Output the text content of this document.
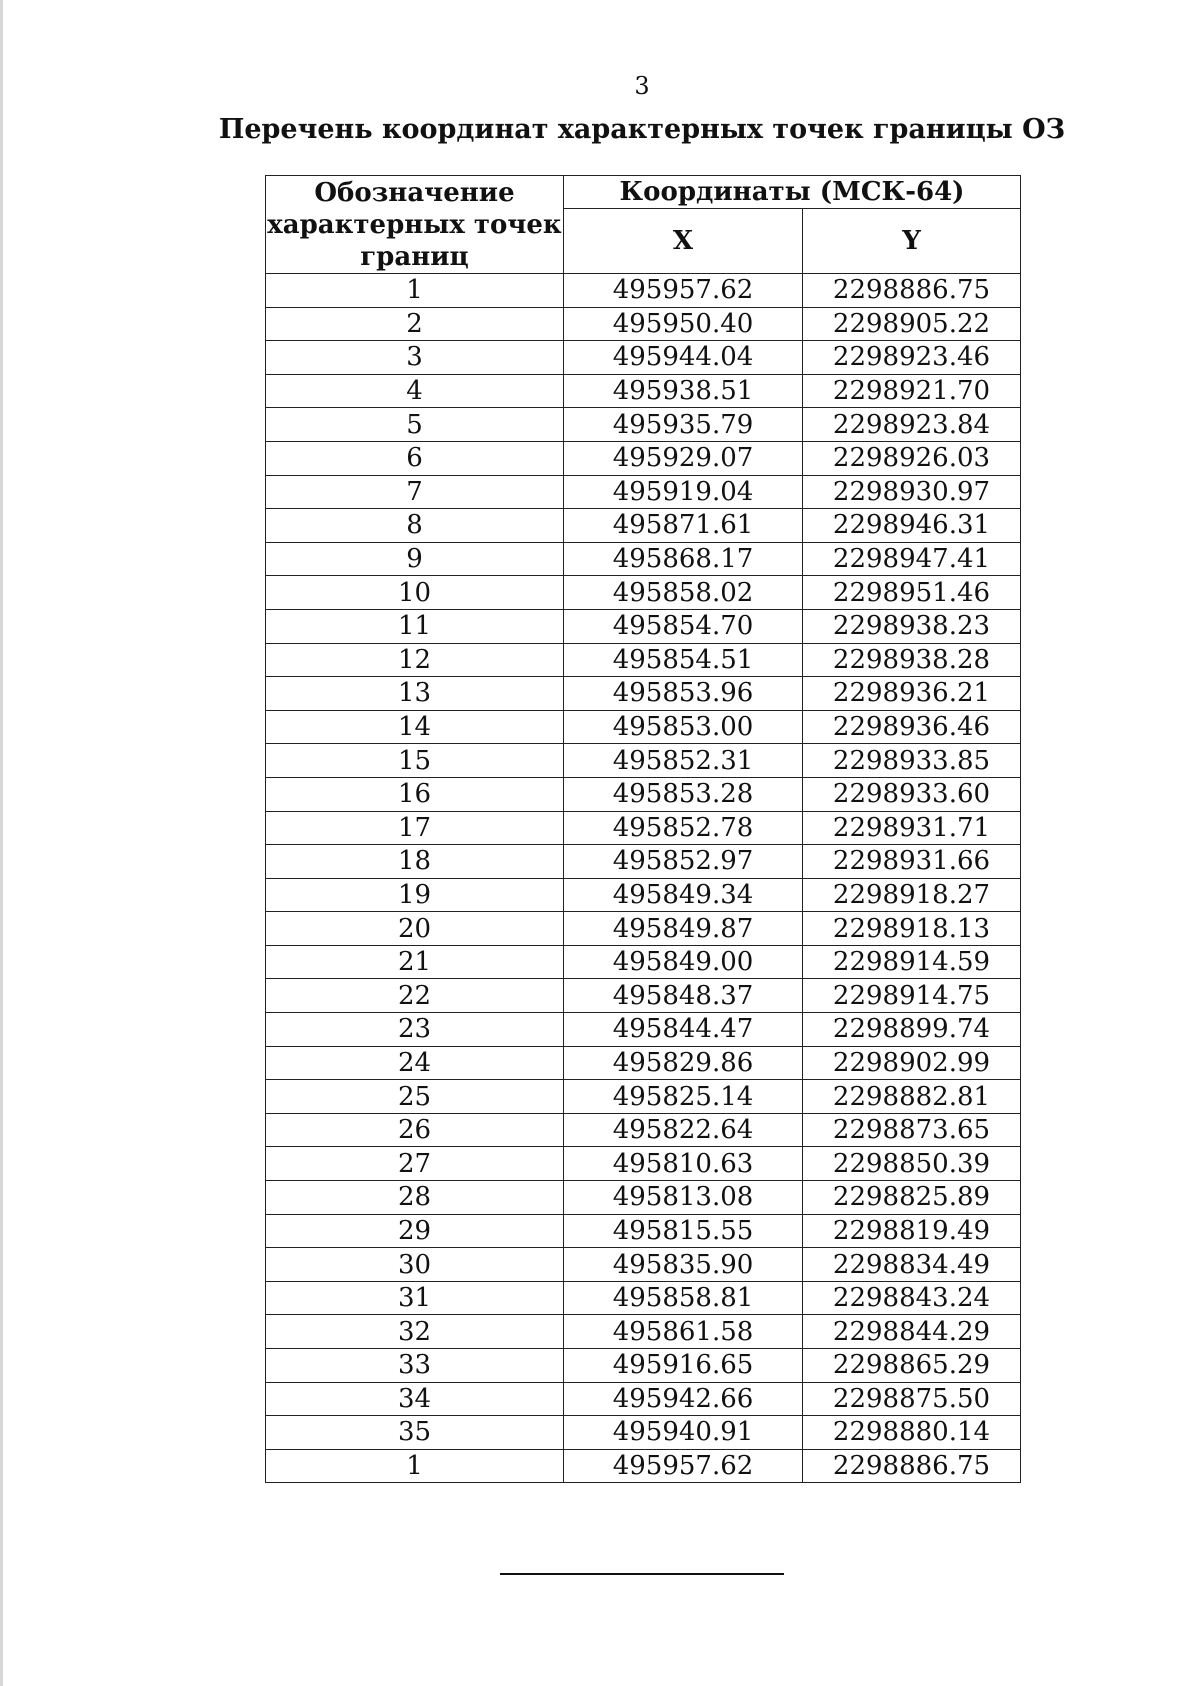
3
Перечень координат характерных точек границы ОЗ
Обозначение характерных точек границ	Координаты (МСК-64)	
	X	Y
1	495957.62	2298886.75
2	495950.40	2298905.22
3	495944.04	2298923.46
4	495938.51	2298921.70
5	495935.79	2298923.84
6	495929.07	2298926.03
7	495919.04	2298930.97
8	495871.61	2298946.31
9	495868.17	2298947.41
10	495858.02	2298951.46
11	495854.70	2298938.23
12	495854.51	2298938.28
13	495853.96	2298936.21
14	495853.00	2298936.46
15	495852.31	2298933.85
16	495853.28	2298933.60
17	495852.78	2298931.71
18	495852.97	2298931.66
19	495849.34	2298918.27
20	495849.87	2298918.13
21	495849.00	2298914.59
22	495848.37	2298914.75
23	495844.47	2298899.74
24	495829.86	2298902.99
25	495825.14	2298882.81
26	495822.64	2298873.65
27	495810.63	2298850.39
28	495813.08	2298825.89
29	495815.55	2298819.49
30	495835.90	2298834.49
31	495858.81	2298843.24
32	495861.58	2298844.29
33	495916.65	2298865.29
34	495942.66	2298875.50
35	495940.91	2298880.14
1	495957.62	2298886.75
